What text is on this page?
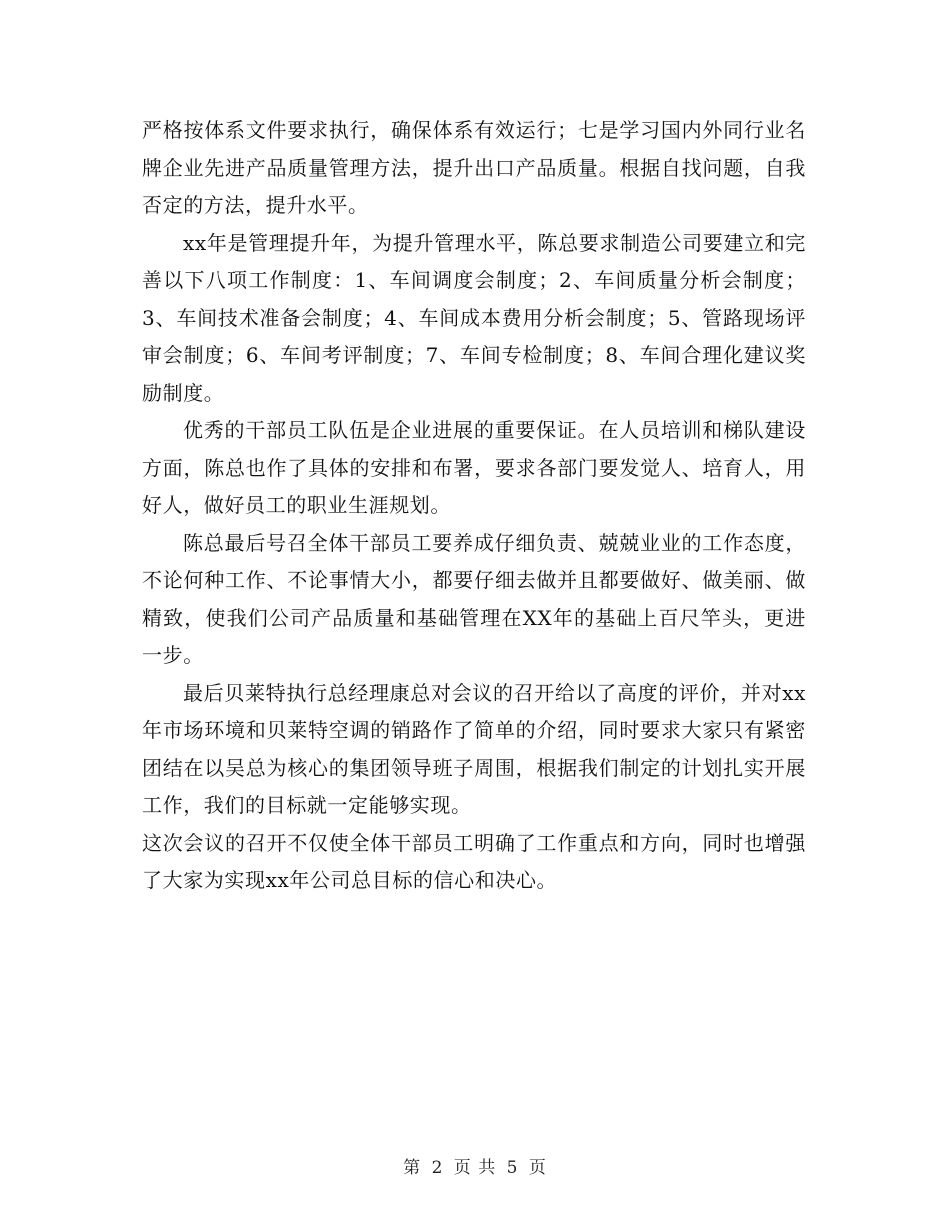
严格按体系文件要求执行，确保体系有效运行；七是学习国内外同行业名牌企业先进产品质量管理方法，提升出口产品质量。根据自找问题，自我否定的方法，提升水平。

xx年是管理提升年，为提升管理水平，陈总要求制造公司要建立和完善以下八项工作制度：1、车间调度会制度；2、车间质量分析会制度；3、车间技术准备会制度；4、车间成本费用分析会制度；5、管路现场评审会制度；6、车间考评制度；7、车间专检制度；8、车间合理化建议奖励制度。

优秀的干部员工队伍是企业进展的重要保证。在人员培训和梯队建设方面，陈总也作了具体的安排和布署，要求各部门要发觉人、培育人，用好人，做好员工的职业生涯规划。

陈总最后号召全体干部员工要养成仔细负责、兢兢业业的工作态度，不论何种工作、不论事情大小，都要仔细去做并且都要做好、做美丽、做精致，使我们公司产品质量和基础管理在XX年的基础上百尺竿头，更进一步。

最后贝莱特执行总经理康总对会议的召开给以了高度的评价，并对xx年市场环境和贝莱特空调的销路作了简单的介绍，同时要求大家只有紧密团结在以吴总为核心的集团领导班子周围，根据我们制定的计划扎实开展工作，我们的目标就一定能够实现。

这次会议的召开不仅使全体干部员工明确了工作重点和方向，同时也增强了大家为实现xx年公司总目标的信心和决心。

第 2 页 共 5 页
